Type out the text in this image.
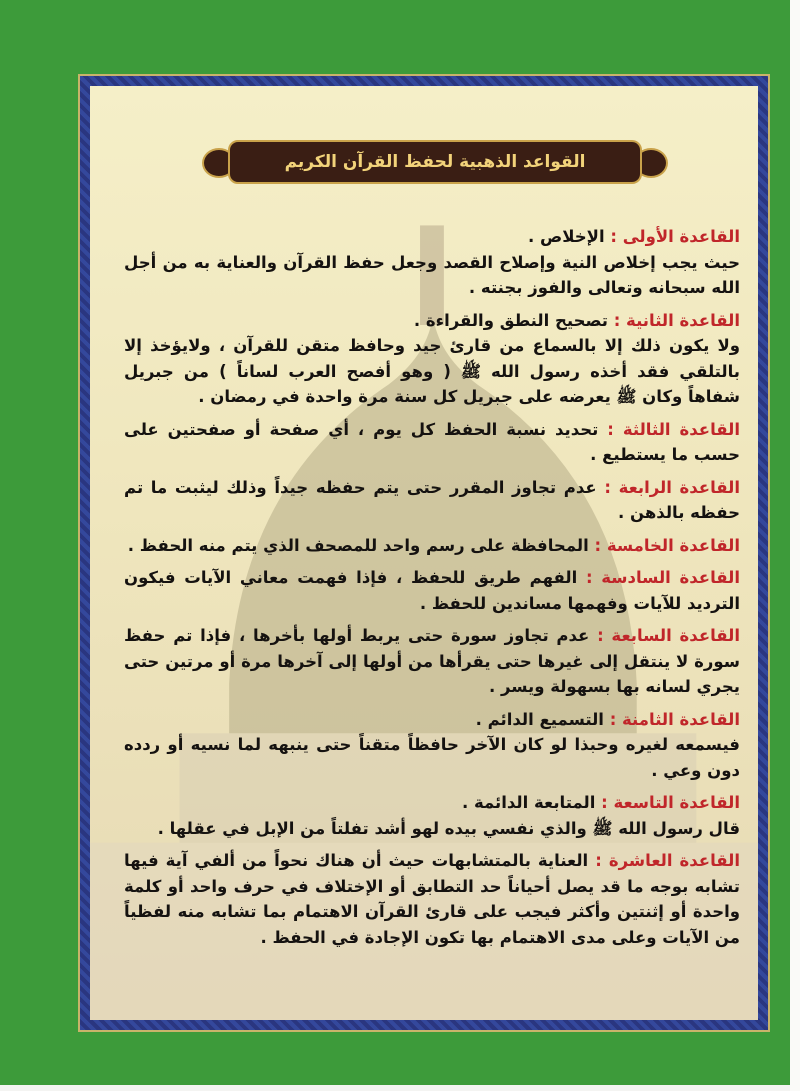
القواعد الذهبية لحفظ القرآن الكريم

القاعدة الأولى : الإخلاص .
حيث يجب إخلاص النية وإصلاح القصد وجعل حفظ القرآن والعناية به من أجل الله سبحانه وتعالى والفوز بجنته .

القاعدة الثانية : تصحيح النطق والقراءة .
ولا يكون ذلك إلا بالسماع من قارئ جيد وحافظ متقن للقرآن ، ولايؤخذ إلا بالتلقي فقد أخذه رسول الله ﷺ ( وهو أفصح العرب لساناً ) من جبريل شفاهاً وكان ﷺ يعرضه على جبريل كل سنة مرة واحدة في رمضان .

القاعدة الثالثة : تحديد نسبة الحفظ كل يوم ، أي صفحة أو صفحتين على حسب ما يستطيع .

القاعدة الرابعة : عدم تجاوز المقرر حتى يتم حفظه جيداً وذلك ليثبت ما تم حفظه بالذهن .

القاعدة الخامسة : المحافظة على رسم واحد للمصحف الذي يتم منه الحفظ .

القاعدة السادسة : الفهم طريق للحفظ ، فإذا فهمت معاني الآيات فيكون الترديد للآيات وفهمها مساندين للحفظ .

القاعدة السابعة : عدم تجاوز سورة حتى يربط أولها بأخرها ، فإذا تم حفظ سورة لا ينتقل إلى غيرها حتى يقرأها من أولها إلى آخرها مرة أو مرتين حتى يجري لسانه بها بسهولة ويسر .

القاعدة الثامنة : التسميع الدائم .
فيسمعه لغيره وحبذا لو كان الآخر حافظاً متقناً حتى ينبهه لما نسيه أو ردده دون وعي .

القاعدة التاسعة : المتابعة الدائمة .
قال رسول الله ﷺ والذي نفسي بيده لهو أشد تفلتاً من الإبل في عقلها .

القاعدة العاشرة : العناية بالمتشابهات حيث أن هناك نحواً من ألفي آية فيها تشابه بوجه ما قد يصل أحياناً حد التطابق أو الإختلاف في حرف واحد أو كلمة واحدة أو إثنتين وأكثر فيجب على قارئ القرآن الاهتمام بما تشابه منه لفظياً من الآيات وعلى مدى الاهتمام بها تكون الإجادة في الحفظ .
